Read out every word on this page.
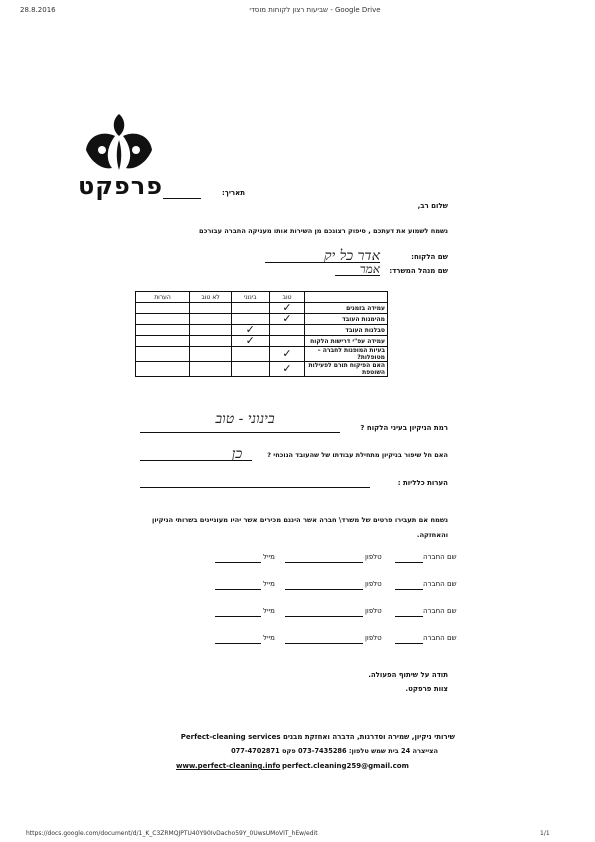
28.8.2016	שביעות רצון לקוחות מוסדי - Google Drive
פרפקט	תאריך:
שלום רב,
נשמח לשמוע את דעתכם , סיפוק רצונכם מן השירות אותו מעניקה החברה עבורכם
שם הלקוח:
אדר כל יק
שם מנהל המשרד:
אמר
הערות	לא טוב	בינוני	טוב	
			✓	עמידה בזמנים
			✓	מהימנות העובד
		✓		סבלנות העובד
		✓		עמידה עפ"י דרישות הלקוח
			✓	בעיות המופנות לחברה – מטופלות?
			✓	האם הפיקוח תורם לפעילות השוטפת
רמת הניקיון בעיני הלקוח ?
בינוני - טוב
האם חל שיפור בניקיון מתחילת עבודתו של שהעובד הנוכחי ?
כן
הערות כלליות :
נשמח אם תעבירו פרטים של משרד\ חברה אשר היננם מכירים אשר יהיו מעוניינים בשרותי הניקיון והאחזקה.
שם החברה
טלפון
מייל
שם החברה
טלפון
מייל
שם החברה
טלפון
מייל
שם החברה
טלפון
מייל
תודה על שיתוף הפעולה.
צוות פרפקט.
Perfect-cleaning services שירותי ניקיון, שמירה וסדרנות, הדברה ואחזקת מבנים
הצייצרה 24 בית שמש טלפון: 073-7435286 פקס 077-4702871
www.perfect-cleaning.info perfect.cleaning259@gmail.com
https://docs.google.com/document/d/1_K_C3ZRMQJPTU40Y90IvDacho59Y_0UwsUMoVIT_hEw/edit	1/1
